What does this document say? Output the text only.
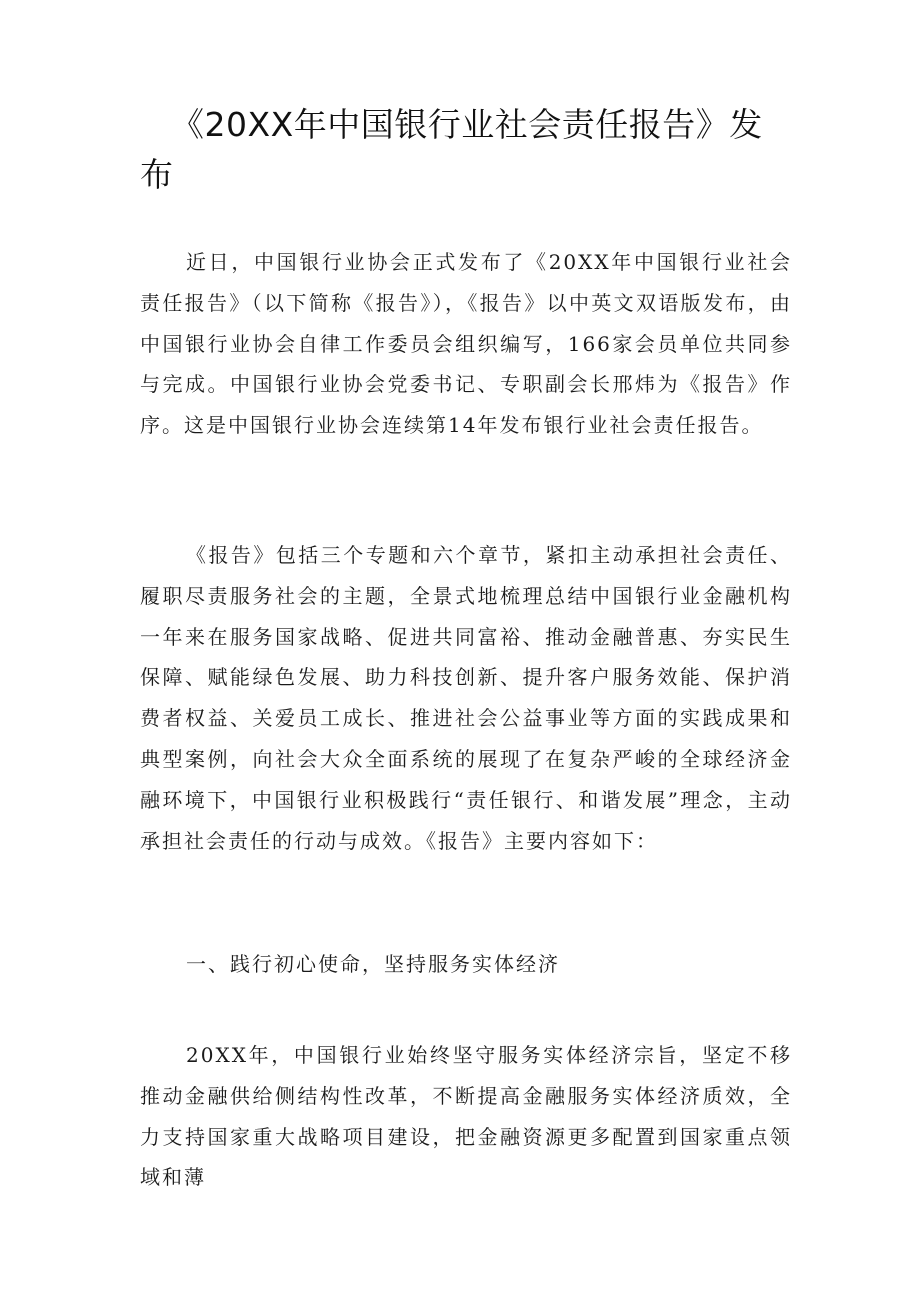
《20XX年中国银行业社会责任报告》发布

近日，中国银行业协会正式发布了《20XX年中国银行业社会责任报告》（以下简称《报告》），《报告》以中英文双语版发布，由中国银行业协会自律工作委员会组织编写，166家会员单位共同参与完成。中国银行业协会党委书记、专职副会长邢炜为《报告》作序。这是中国银行业协会连续第14年发布银行业社会责任报告。

《报告》包括三个专题和六个章节，紧扣主动承担社会责任、履职尽责服务社会的主题，全景式地梳理总结中国银行业金融机构一年来在服务国家战略、促进共同富裕、推动金融普惠、夯实民生保障、赋能绿色发展、助力科技创新、提升客户服务效能、保护消费者权益、关爱员工成长、推进社会公益事业等方面的实践成果和典型案例，向社会大众全面系统的展现了在复杂严峻的全球经济金融环境下，中国银行业积极践行“责任银行、和谐发展”理念，主动承担社会责任的行动与成效。《报告》主要内容如下：

一、践行初心使命，坚持服务实体经济

20XX年，中国银行业始终坚守服务实体经济宗旨，坚定不移推动金融供给侧结构性改革，不断提高金融服务实体经济质效，全力支持国家重大战略项目建设，把金融资源更多配置到国家重点领域和薄
